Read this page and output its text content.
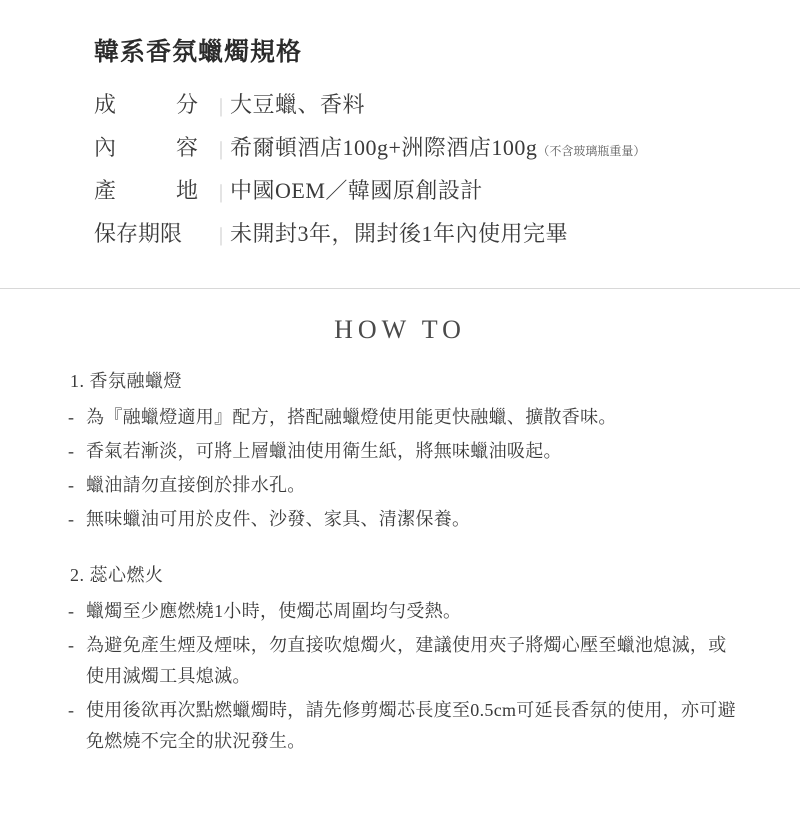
韓系香氛蠟燭規格
成分	|	大豆蠟、香料
內容	|	希爾頓酒店100g+洲際酒店100g（不含玻璃瓶重量）
產地	|	中國OEM／韓國原創設計
保存期限	|	未開封3年，開封後1年內使用完畢
HOW TO
1. 香氛融蠟燈
- 為『融蠟燈適用』配方，搭配融蠟燈使用能更快融蠟、擴散香味。
- 香氣若漸淡，可將上層蠟油使用衛生紙，將無味蠟油吸起。
- 蠟油請勿直接倒於排水孔。
- 無味蠟油可用於皮件、沙發、家具、清潔保養。
2. 蕊心燃火
- 蠟燭至少應燃燒1小時，使燭芯周圍均勻受熱。
- 為避免產生煙及煙味，勿直接吹熄燭火，建議使用夾子將燭心壓至蠟池熄滅，或使用滅燭工具熄滅。
- 使用後欲再次點燃蠟燭時，請先修剪燭芯長度至0.5cm可延長香氛的使用，亦可避免燃燒不完全的狀況發生。
